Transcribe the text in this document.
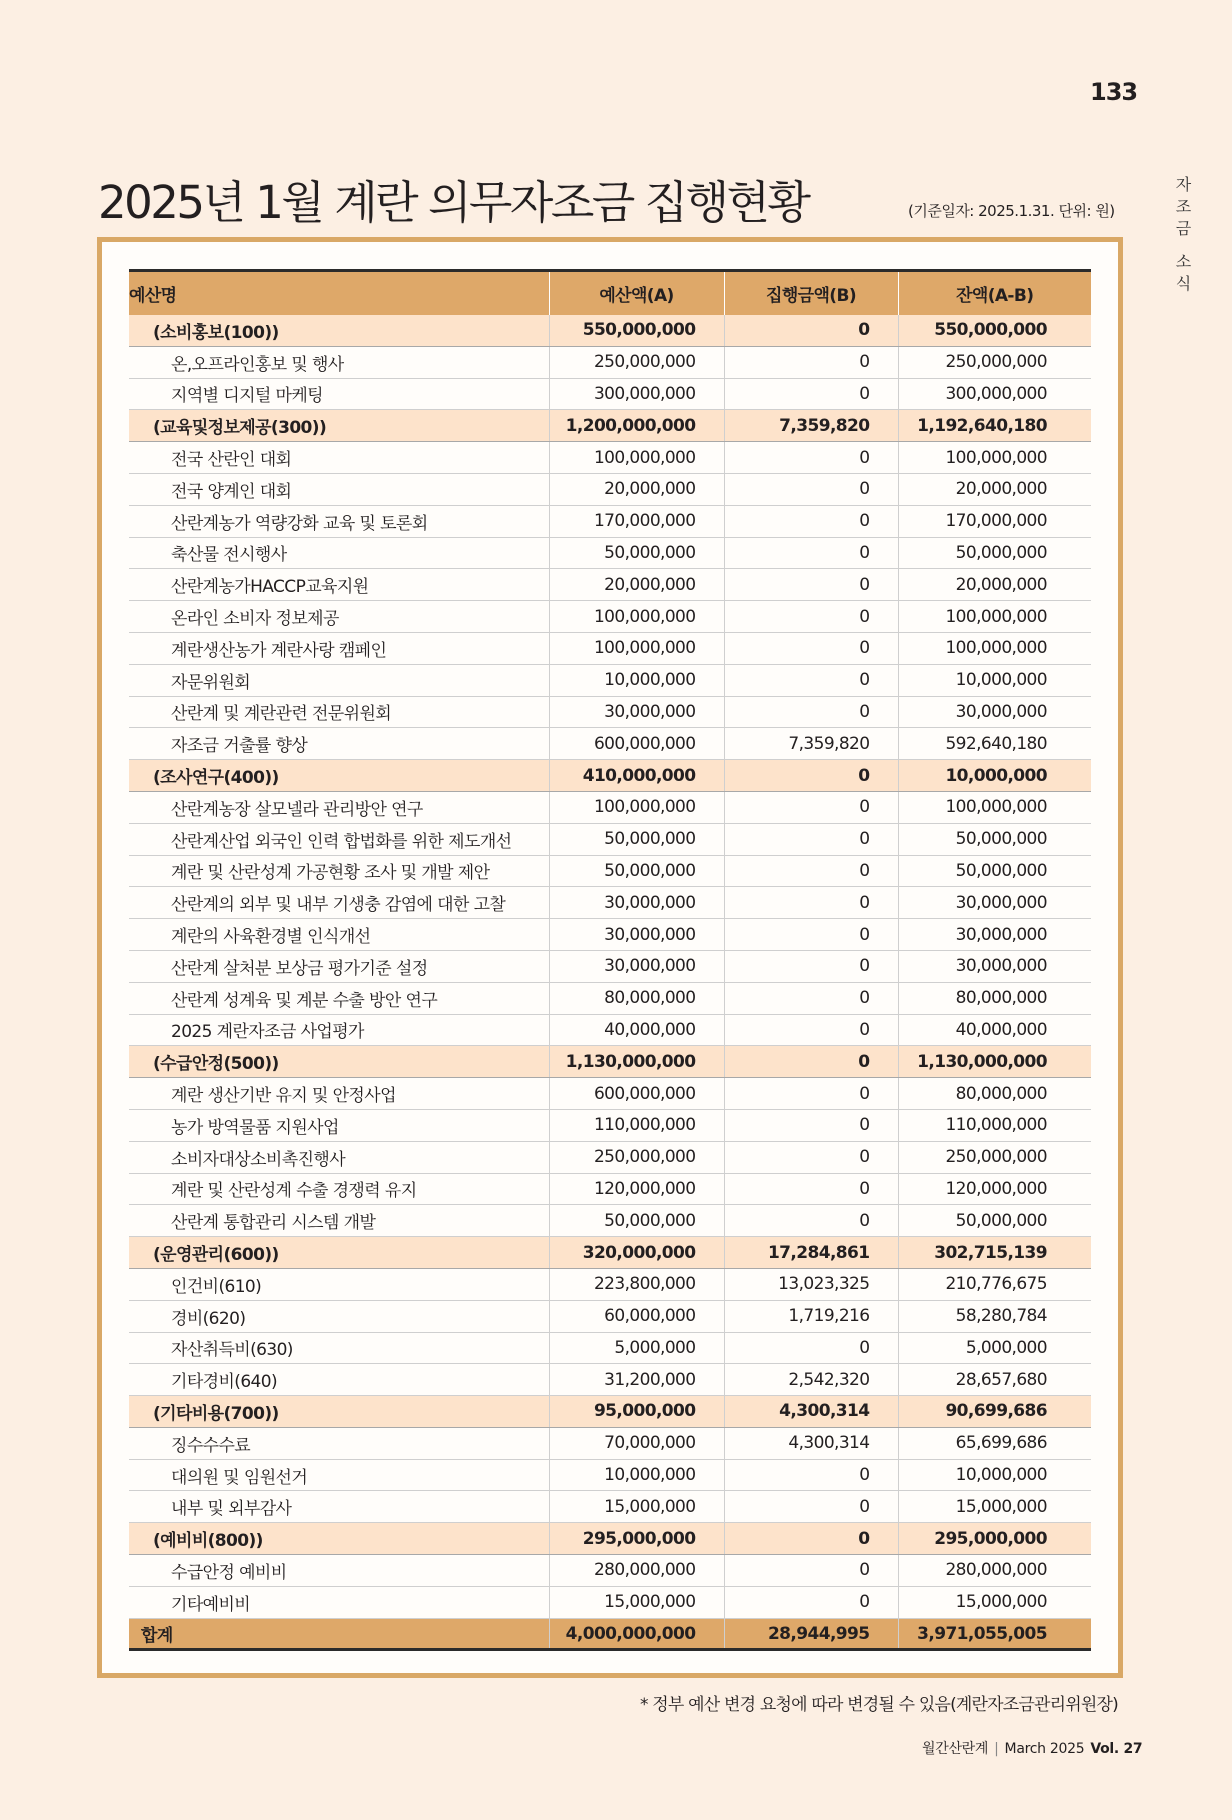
133
자조금 소식
2025년 1월 계란 의무자조금 집행현황	(기준일자: 2025.1.31. 단위: 원)
예산명	예산액(A)	집행금액(B)	잔액(A-B)
(소비홍보(100))	550,000,000	0	550,000,000
온,오프라인홍보 및 행사	250,000,000	0	250,000,000
지역별 디지털 마케팅	300,000,000	0	300,000,000
(교육및정보제공(300))	1,200,000,000	7,359,820	1,192,640,180
전국 산란인 대회	100,000,000	0	100,000,000
전국 양계인 대회	20,000,000	0	20,000,000
산란계농가 역량강화 교육 및 토론회	170,000,000	0	170,000,000
축산물 전시행사	50,000,000	0	50,000,000
산란계농가HACCP교육지원	20,000,000	0	20,000,000
온라인 소비자 정보제공	100,000,000	0	100,000,000
계란생산농가 계란사랑 캠페인	100,000,000	0	100,000,000
자문위원회	10,000,000	0	10,000,000
산란계 및 계란관련 전문위원회	30,000,000	0	30,000,000
자조금 거출률 향상	600,000,000	7,359,820	592,640,180
(조사연구(400))	410,000,000	0	10,000,000
산란계농장 살모넬라 관리방안 연구	100,000,000	0	100,000,000
산란계산업 외국인 인력 합법화를 위한 제도개선	50,000,000	0	50,000,000
계란 및 산란성계 가공현황 조사 및 개발 제안	50,000,000	0	50,000,000
산란계의 외부 및 내부 기생충 감염에 대한 고찰	30,000,000	0	30,000,000
계란의 사육환경별 인식개선	30,000,000	0	30,000,000
산란계 살처분 보상금 평가기준 설정	30,000,000	0	30,000,000
산란계 성계육 및 계분 수출 방안 연구	80,000,000	0	80,000,000
2025 계란자조금 사업평가	40,000,000	0	40,000,000
(수급안정(500))	1,130,000,000	0	1,130,000,000
계란 생산기반 유지 및 안정사업	600,000,000	0	80,000,000
농가 방역물품 지원사업	110,000,000	0	110,000,000
소비자대상소비촉진행사	250,000,000	0	250,000,000
계란 및 산란성계 수출 경쟁력 유지	120,000,000	0	120,000,000
산란계 통합관리 시스템 개발	50,000,000	0	50,000,000
(운영관리(600))	320,000,000	17,284,861	302,715,139
인건비(610)	223,800,000	13,023,325	210,776,675
경비(620)	60,000,000	1,719,216	58,280,784
자산취득비(630)	5,000,000	0	5,000,000
기타경비(640)	31,200,000	2,542,320	28,657,680
(기타비용(700))	95,000,000	4,300,314	90,699,686
징수수수료	70,000,000	4,300,314	65,699,686
대의원 및 임원선거	10,000,000	0	10,000,000
내부 및 외부감사	15,000,000	0	15,000,000
(예비비(800))	295,000,000	0	295,000,000
수급안정 예비비	280,000,000	0	280,000,000
기타예비비	15,000,000	0	15,000,000
합계	4,000,000,000	28,944,995	3,971,055,005
* 정부 예산 변경 요청에 따라 변경될 수 있음(계란자조금관리위원장)
월간산란계 | March 2025 Vol. 27
